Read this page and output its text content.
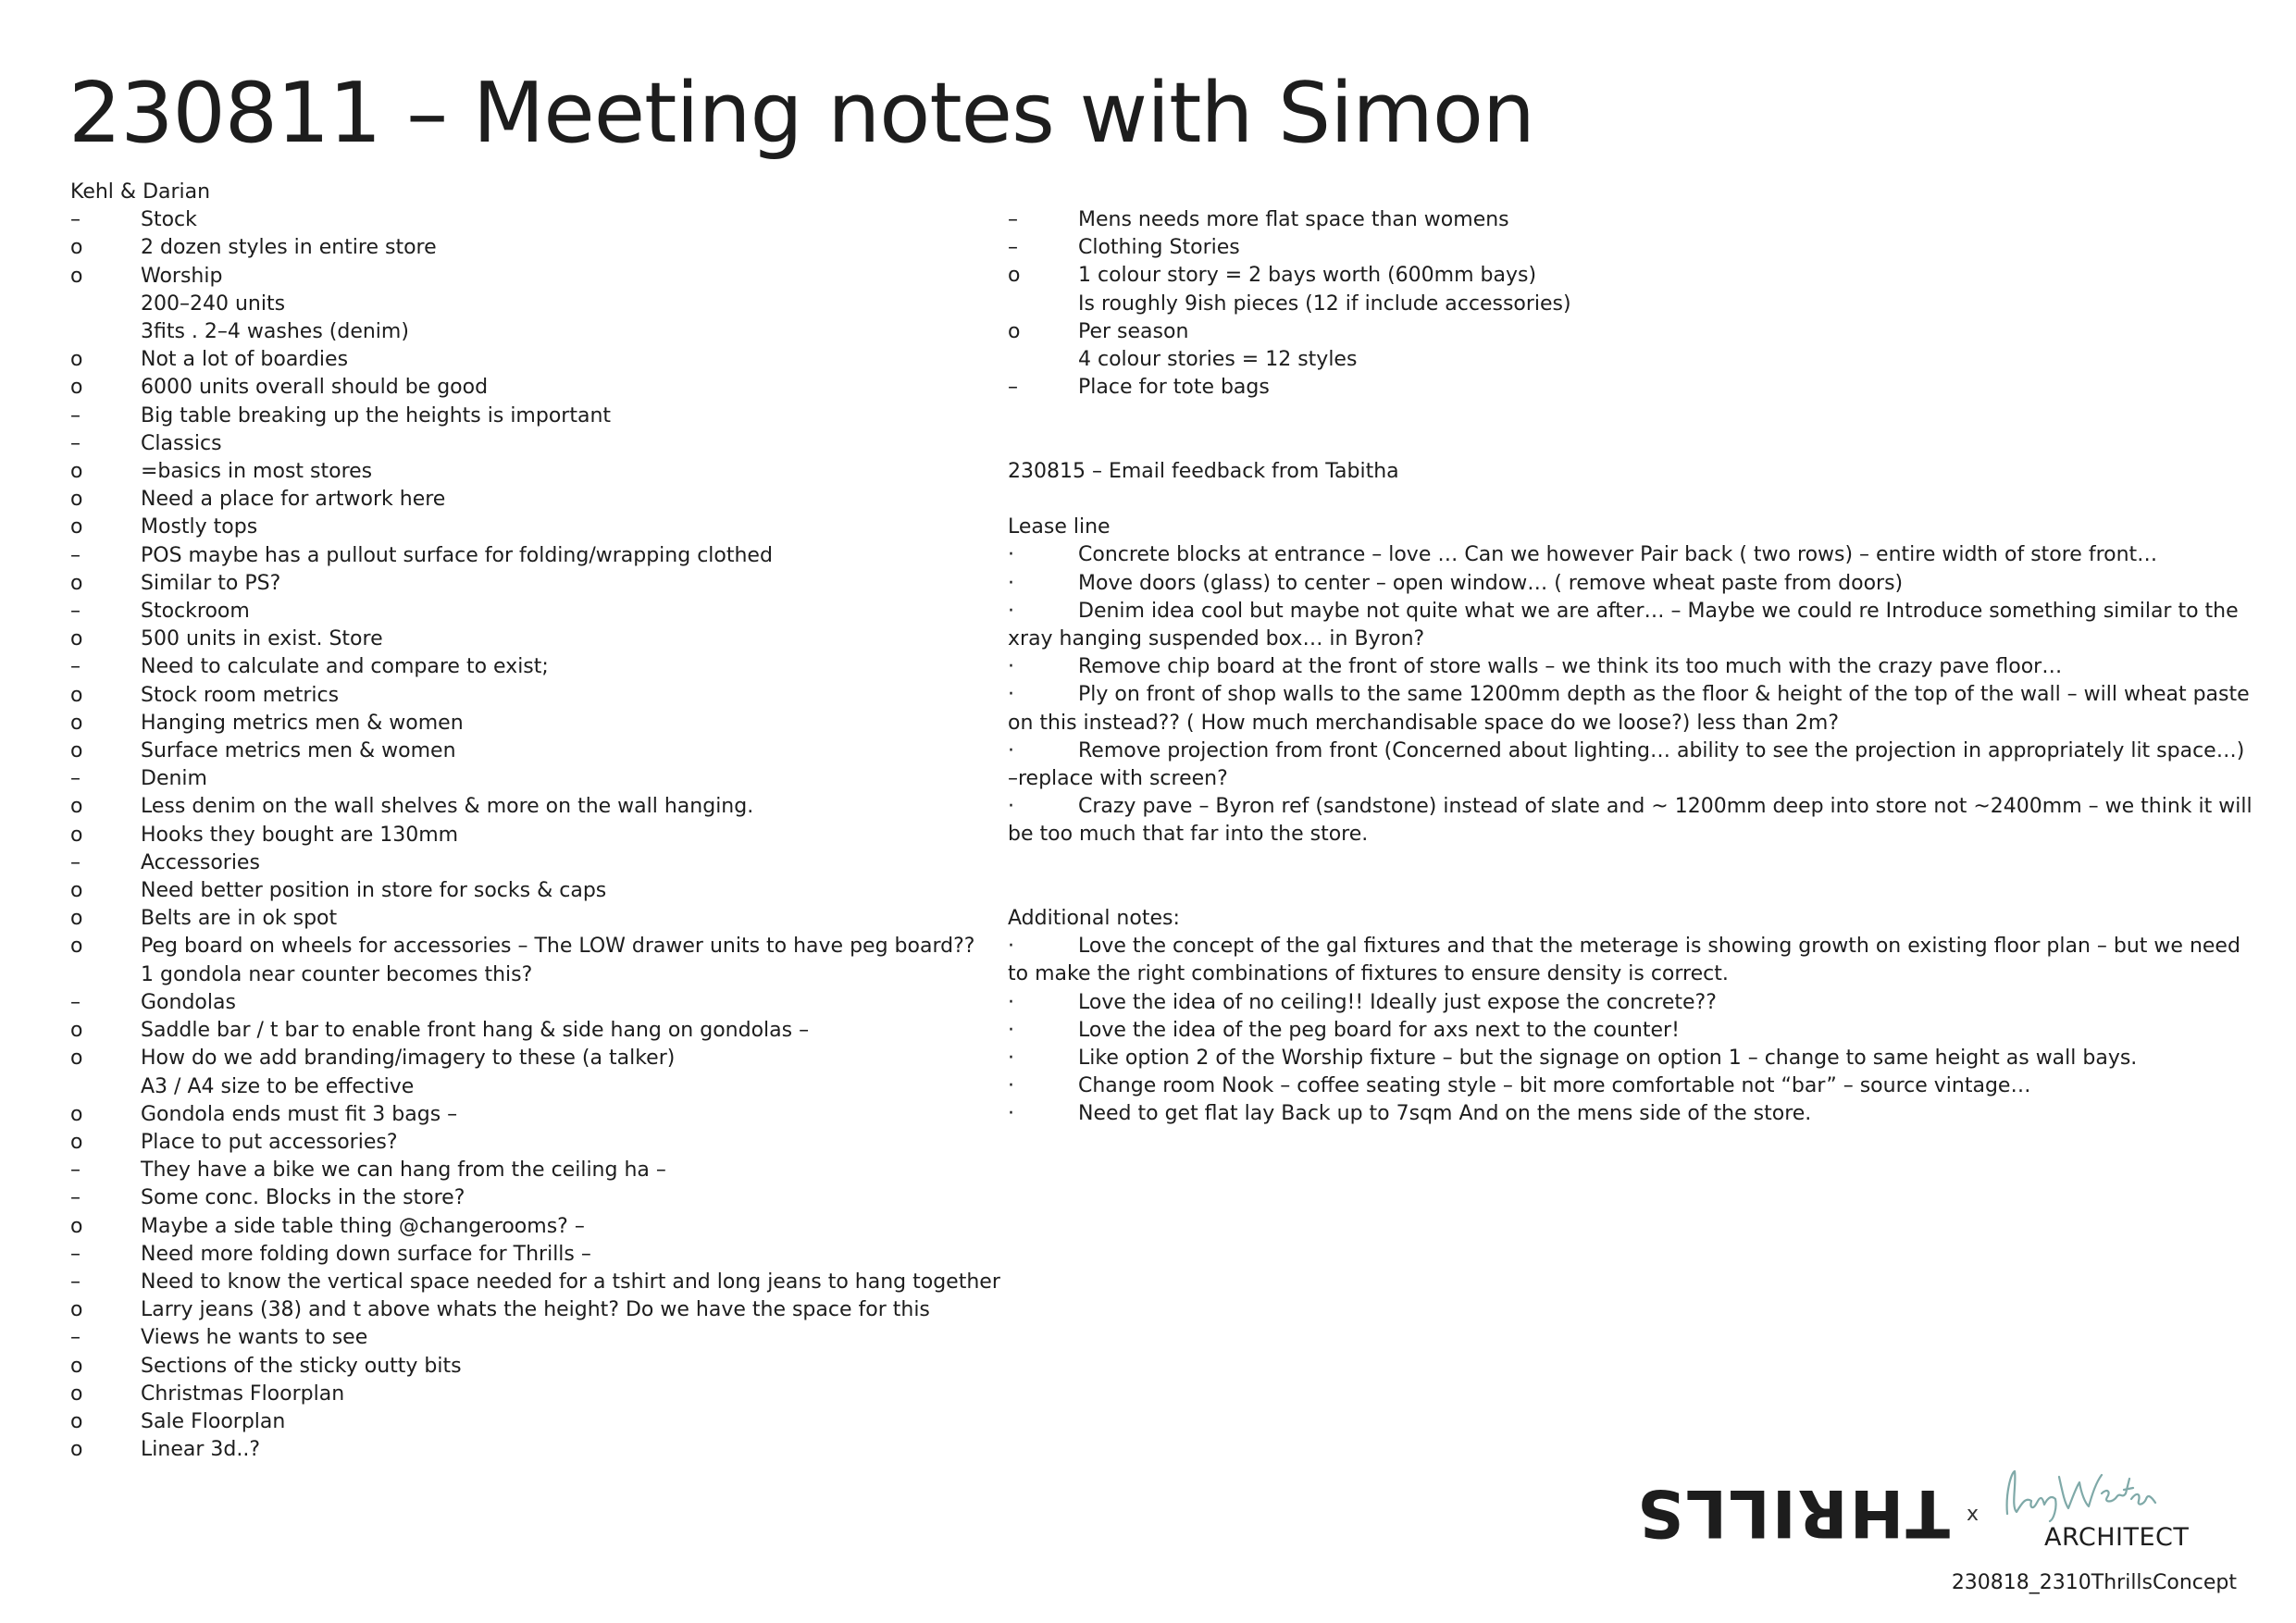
230811 – Meeting notes with Simon
Kehl & Darian
–	Stock
o	2 dozen styles in entire store
o	Worship
200–240 units
3fits . 2–4 washes (denim)
o	Not a lot of boardies
o	6000 units overall should be good
–	Big table breaking up the heights is important
–	Classics
o	=basics in most stores
o	Need a place for artwork here
o	Mostly tops
–	POS maybe has a pullout surface for folding/wrapping clothed
o	Similar to PS?
–	Stockroom
o	500 units in exist. Store
–	Need to calculate and compare to exist;
o	Stock room metrics
o	Hanging metrics men & women
o	Surface metrics men & women
–	Denim
o	Less denim on the wall shelves & more on the wall hanging.
o	Hooks they bought are 130mm
–	Accessories
o	Need better position in store for socks & caps
o	Belts are in ok spot
o	Peg board on wheels for accessories – The LOW drawer units to have peg board??
1 gondola near counter becomes this?
–	Gondolas
o	Saddle bar / t bar to enable front hang & side hang on gondolas –
o	How do we add branding/imagery to these (a talker)
A3 / A4 size to be effective
o	Gondola ends must fit 3 bags –
o	Place to put accessories?
–	They have a bike we can hang from the ceiling ha –
–	Some conc. Blocks in the store?
o	Maybe a side table thing @changerooms? –
–	Need more folding down surface for Thrills –
–	Need to know the vertical space needed for a tshirt and long jeans to hang together
o	Larry jeans (38) and t above whats the height? Do we have the space for this
–	Views he wants to see
o	Sections of the sticky outty bits
o	Christmas Floorplan
o	Sale Floorplan
o	Linear 3d..?
–	Mens needs more flat space than womens
–	Clothing Stories
o	1 colour story = 2 bays worth (600mm bays)
Is roughly 9ish pieces (12 if include accessories)
o	Per season
4 colour stories = 12 styles
–	Place for tote bags
230815 – Email feedback from Tabitha
Lease line
·	Concrete blocks at entrance – love … Can we however Pair back ( two rows) – entire width of store front…
·	Move doors (glass) to center – open window… ( remove wheat paste from doors)
·	Denim idea cool but maybe not quite what we are after… – Maybe we could re Introduce something similar to the
xray hanging suspended box… in Byron?
·	Remove chip board at the front of store walls – we think its too much with the crazy pave floor…
·	Ply on front of shop walls to the same 1200mm depth as the floor & height of the top of the wall – will wheat paste
on this instead?? ( How much merchandisable space do we loose?) less than 2m?
·	Remove projection from front (Concerned about lighting… ability to see the projection in appropriately lit space…)
–replace with screen?
·	Crazy pave – Byron ref (sandstone) instead of slate and ~ 1200mm deep into store not ~2400mm – we think it will
be too much that far into the store.
Additional notes:
·	Love the concept of the gal fixtures and that the meterage is showing growth on existing floor plan – but we need
to make the right combinations of fixtures to ensure density is correct.
·	Love the idea of no ceiling!! Ideally just expose the concrete??
·	Love the idea of the peg board for axs next to the counter!
·	Like option 2 of the Worship fixture – but the signage on option 1 – change to same height as wall bays.
·	Change room Nook – coffee seating style – bit more comfortable not “bar” – source vintage…
·	Need to get flat lay Back up to 7sqm And on the mens side of the store.
THRILLS x
ARCHITECT
230818_2310ThrillsConcept
